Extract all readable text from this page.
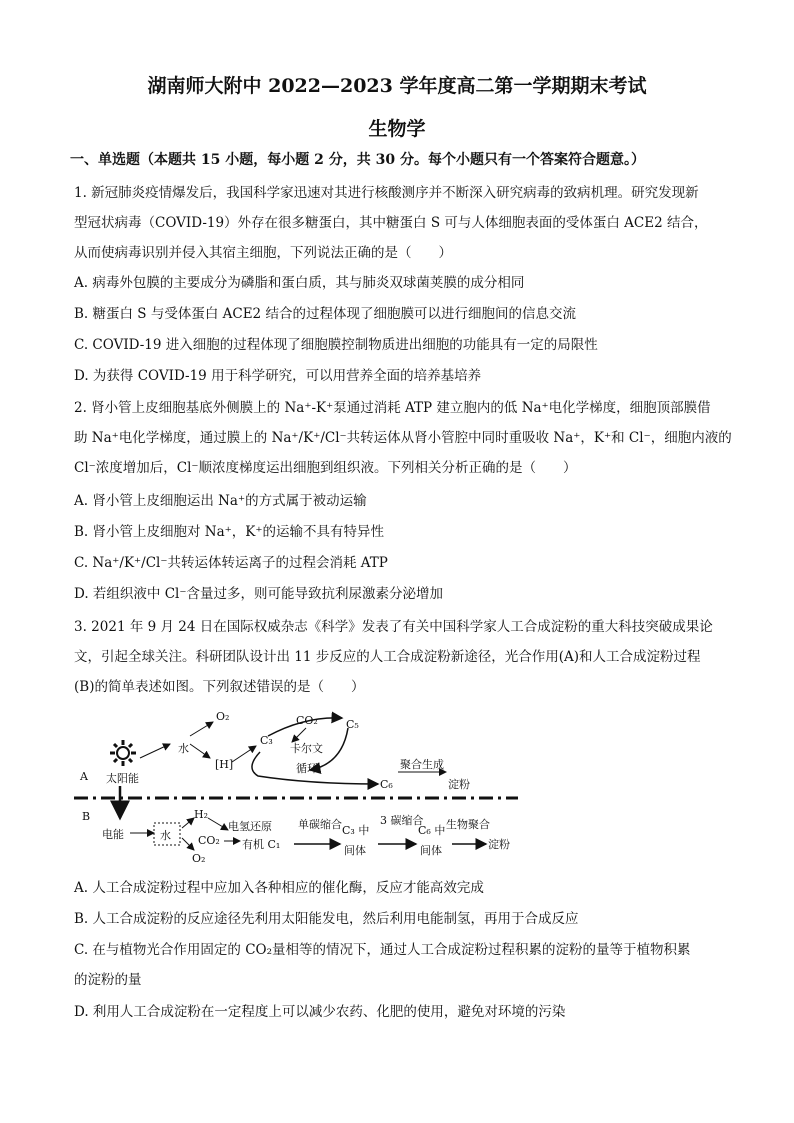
湖南师大附中 2022—2023 学年度高二第一学期期末考试
生物学
一、单选题（本题共 15 小题，每小题 2 分，共 30 分。每个小题只有一个答案符合题意。）
1. 新冠肺炎疫情爆发后，我国科学家迅速对其进行核酸测序并不断深入研究病毒的致病机理。研究发现新
型冠状病毒（COVID-19）外存在很多糖蛋白，其中糖蛋白 S 可与人体细胞表面的受体蛋白 ACE2 结合，
从而使病毒识别并侵入其宿主细胞，下列说法正确的是（　　）
A. 病毒外包膜的主要成分为磷脂和蛋白质，其与肺炎双球菌荚膜的成分相同
B. 糖蛋白 S 与受体蛋白 ACE2 结合的过程体现了细胞膜可以进行细胞间的信息交流
C. COVID-19 进入细胞的过程体现了细胞膜控制物质进出细胞的功能具有一定的局限性
D. 为获得 COVID-19 用于科学研究，可以用营养全面的培养基培养
2. 肾小管上皮细胞基底外侧膜上的 Na⁺-K⁺泵通过消耗 ATP 建立胞内的低 Na⁺电化学梯度，细胞顶部膜借
助 Na⁺电化学梯度，通过膜上的 Na⁺/K⁺/Cl⁻共转运体从肾小管腔中同时重吸收 Na⁺，K⁺和 Cl⁻，细胞内液的
Cl⁻浓度增加后，Cl⁻顺浓度梯度运出细胞到组织液。下列相关分析正确的是（　　）
A. 肾小管上皮细胞运出 Na⁺的方式属于被动运输
B. 肾小管上皮细胞对 Na⁺，K⁺的运输不具有特异性
C. Na⁺/K⁺/Cl⁻共转运体转运离子的过程会消耗 ATP
D. 若组织液中 Cl⁻含量过多，则可能导致抗利尿激素分泌增加
3. 2021 年 9 月 24 日在国际权威杂志《科学》发表了有关中国科学家人工合成淀粉的重大科技突破成果论
文，引起全球关注。科研团队设计出 11 步反应的人工合成淀粉新途径，光合作用(A)和人工合成淀粉过程
(B)的简单表述如图。下列叙述错误的是（　　）
A
B
太阳能
水
O₂
[H]
CO₂
C₃
C₅
卡尔文
循环
C₆
聚合生成
淀粉
电能	水
H₂
CO₂
O₂
电氢还原
有机 C₁
单碳缩合 C₃ 中
间体
3 碳缩合
C₆ 中
间体
生物聚合
淀粉
A. 人工合成淀粉过程中应加入各种相应的催化酶，反应才能高效完成
B. 人工合成淀粉的反应途径先利用太阳能发电，然后利用电能制氢，再用于合成反应
C. 在与植物光合作用固定的 CO₂量相等的情况下，通过人工合成淀粉过程积累的淀粉的量等于植物积累
的淀粉的量
D. 利用人工合成淀粉在一定程度上可以减少农药、化肥的使用，避免对环境的污染
